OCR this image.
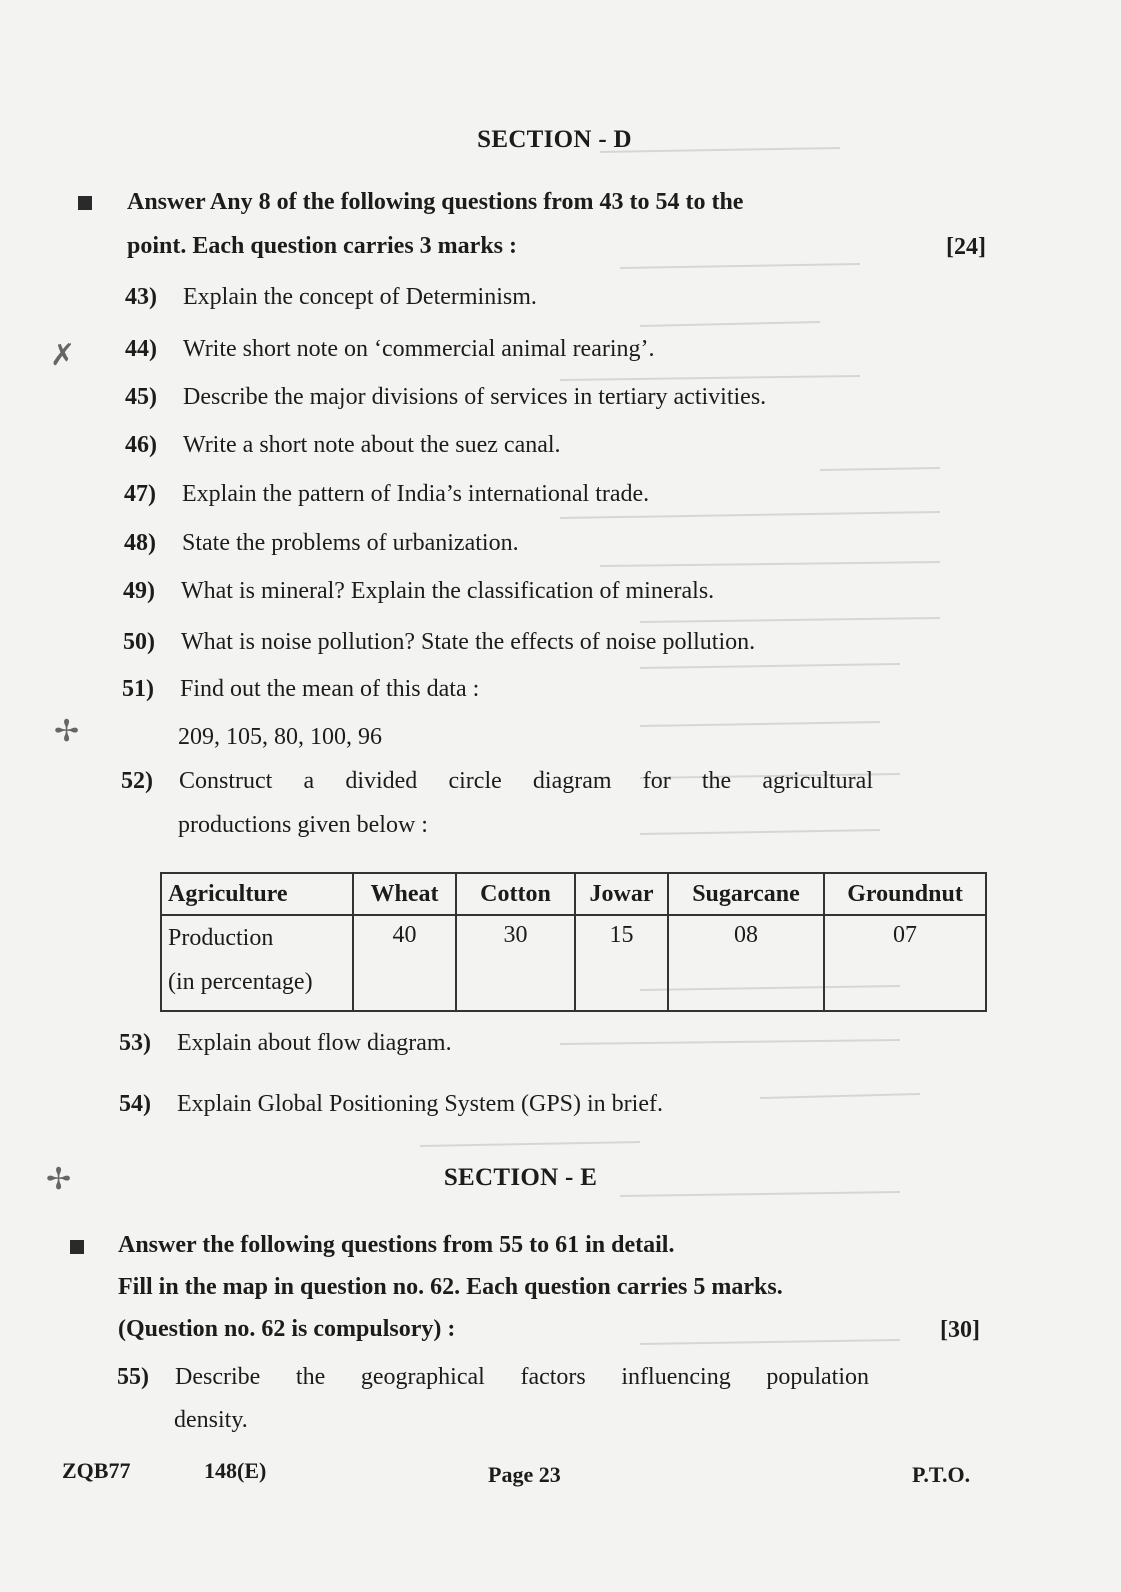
SECTION - D
Answer Any 8 of the following questions from 43 to 54 to the
point. Each question carries 3 marks :	[24]
43) Explain the concept of Determinism.
✗ 44) Write short note on ‘commercial animal rearing’.
45) Describe the major divisions of services in tertiary activities.
46) Write a short note about the suez canal.
47) Explain the pattern of India’s international trade.
48) State the problems of urbanization.
49) What is mineral? Explain the classification of minerals.
50) What is noise pollution? State the effects of noise pollution.
51) Find out the mean of this data :
✢	209, 105, 80, 100, 96
52) Construct a divided circle diagram for the agricultural
productions given below :
Agriculture	Wheat	Cotton	Jowar	Sugarcane	Groundnut

Production
(in percentage)	40	30	15	08	07
53) Explain about flow diagram.
54) Explain Global Positioning System (GPS) in brief.
✢	SECTION - E
Answer the following questions from 55 to 61 in detail.
Fill in the map in question no. 62. Each question carries 5 marks.
(Question no. 62 is compulsory) :	[30]
55) Describe the geographical factors influencing population
density.
ZQB77	148(E)	Page 23	P.T.O.
